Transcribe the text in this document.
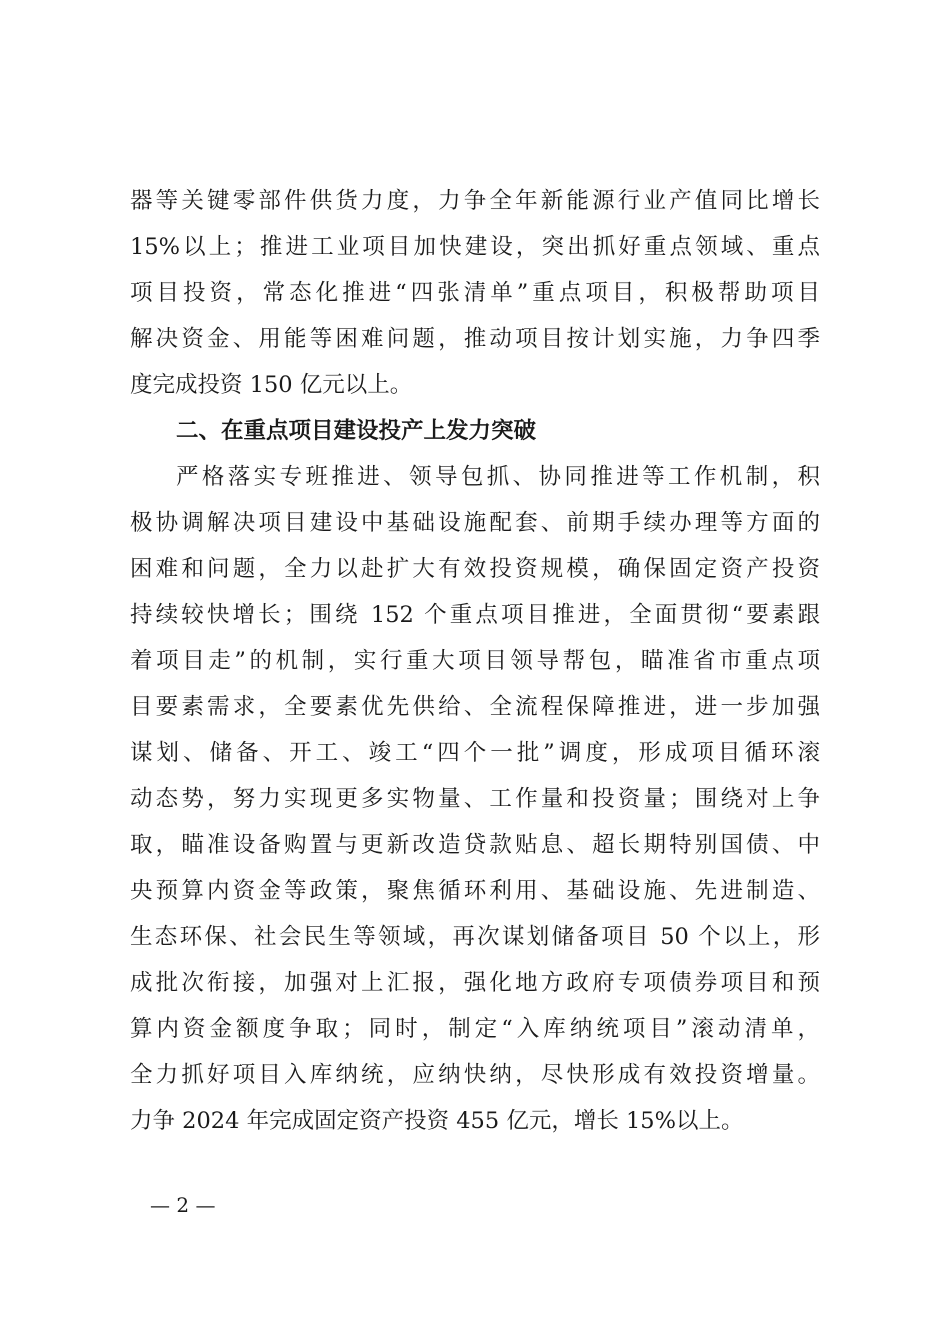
器等关键零部件供货力度，力争全年新能源行业产值同比增长
15%以上；推进工业项目加快建设，突出抓好重点领域、重点
项目投资，常态化推进“四张清单”重点项目，积极帮助项目
解决资金、用能等困难问题，推动项目按计划实施，力争四季
度完成投资 150 亿元以上。
二、在重点项目建设投产上发力突破
严格落实专班推进、领导包抓、协同推进等工作机制，积
极协调解决项目建设中基础设施配套、前期手续办理等方面的
困难和问题，全力以赴扩大有效投资规模，确保固定资产投资
持续较快增长；围绕 152 个重点项目推进，全面贯彻“要素跟
着项目走”的机制，实行重大项目领导帮包，瞄准省市重点项
目要素需求，全要素优先供给、全流程保障推进，进一步加强
谋划、储备、开工、竣工“四个一批”调度，形成项目循环滚
动态势，努力实现更多实物量、工作量和投资量；围绕对上争
取，瞄准设备购置与更新改造贷款贴息、超长期特别国债、中
央预算内资金等政策，聚焦循环利用、基础设施、先进制造、
生态环保、社会民生等领域，再次谋划储备项目 50 个以上，形
成批次衔接，加强对上汇报，强化地方政府专项债券项目和预
算内资金额度争取；同时，制定“入库纳统项目”滚动清单，
全力抓好项目入库纳统，应纳快纳，尽快形成有效投资增量。
力争 2024 年完成固定资产投资 455 亿元，增长 15%以上。
— 2 —
